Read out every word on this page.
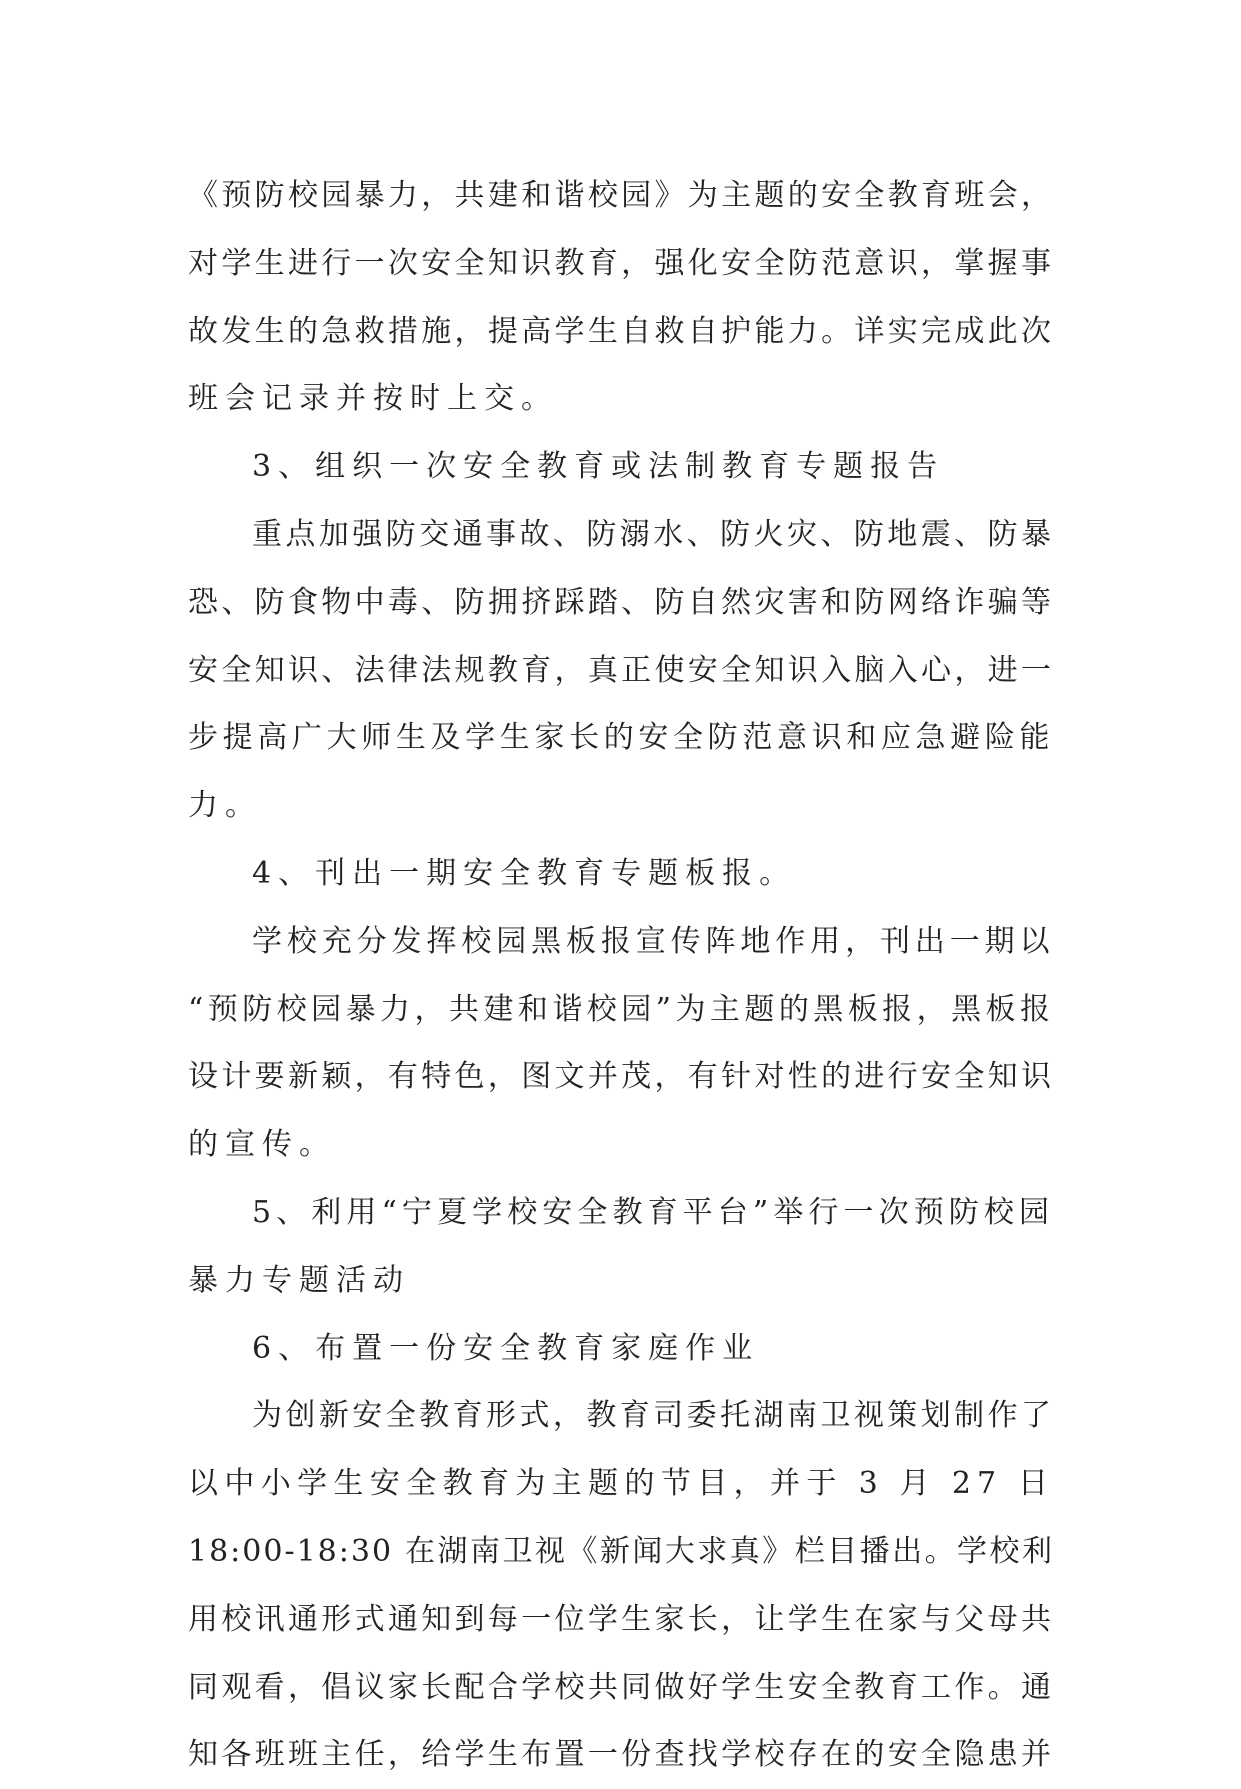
《预防校园暴力，共建和谐校园》为主题的安全教育班会，
对学生进行一次安全知识教育，强化安全防范意识，掌握事
故发生的急救措施，提高学生自救自护能力。详实完成此次
班会记录并按时上交。
3、组织一次安全教育或法制教育专题报告
重点加强防交通事故、防溺水、防火灾、防地震、防暴
恐、防食物中毒、防拥挤踩踏、防自然灾害和防网络诈骗等
安全知识、法律法规教育，真正使安全知识入脑入心，进一
步提高广大师生及学生家长的安全防范意识和应急避险能
力。
4、刊出一期安全教育专题板报。
学校充分发挥校园黑板报宣传阵地作用，刊出一期以
“预防校园暴力，共建和谐校园”为主题的黑板报，黑板报
设计要新颖，有特色，图文并茂，有针对性的进行安全知识
的宣传。
5、利用“宁夏学校安全教育平台”举行一次预防校园
暴力专题活动
6、布置一份安全教育家庭作业
为创新安全教育形式，教育司委托湖南卫视策划制作了
以中小学生安全教育为主题的节目，并于 3 月 27 日
18:00-18:30 在湖南卫视《新闻大求真》栏目播出。学校利
用校讯通形式通知到每一位学生家长，让学生在家与父母共
同观看，倡议家长配合学校共同做好学生安全教育工作。通
知各班班主任，给学生布置一份查找学校存在的安全隐患并
